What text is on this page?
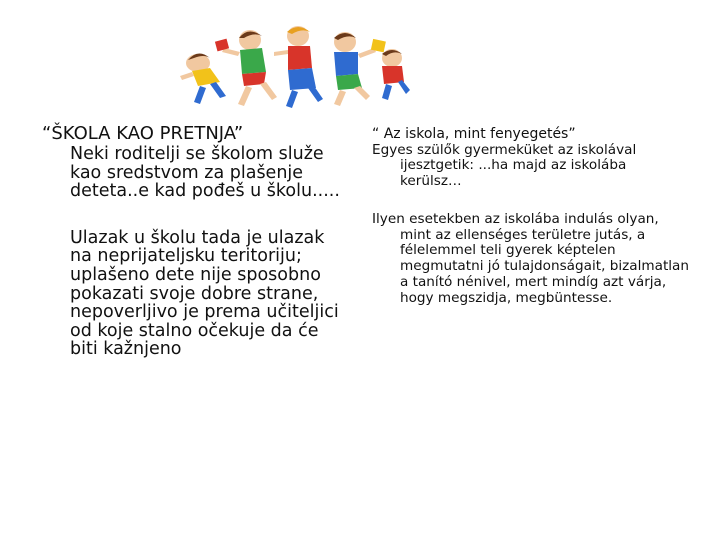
“ŠKOLA KAO PRETNJA”

Neki roditelji se školom služe kao sredstvom za plašenje deteta..e kad pođeš u školu.....

Ulazak u školu tada je ulazak na neprijateljsku teritoriju; uplašeno dete nije sposobno pokazati svoje dobre strane, nepoverljivo je prema učiteljici od koje stalno očekuje da će biti kažnjeno

“ Az iskola, mint fenyegetés”

Egyes szülők gyermeküket az iskolával ijesztgetik: ...ha majd az iskolába kerülsz…

Ilyen esetekben az iskolába indulás olyan, mint az ellenséges területre jutás, a félelemmel teli gyerek képtelen megmutatni jó tulajdonságait, bizalmatlan a tanító nénivel, mert mindíg azt várja, hogy megszidja, megbüntesse.
